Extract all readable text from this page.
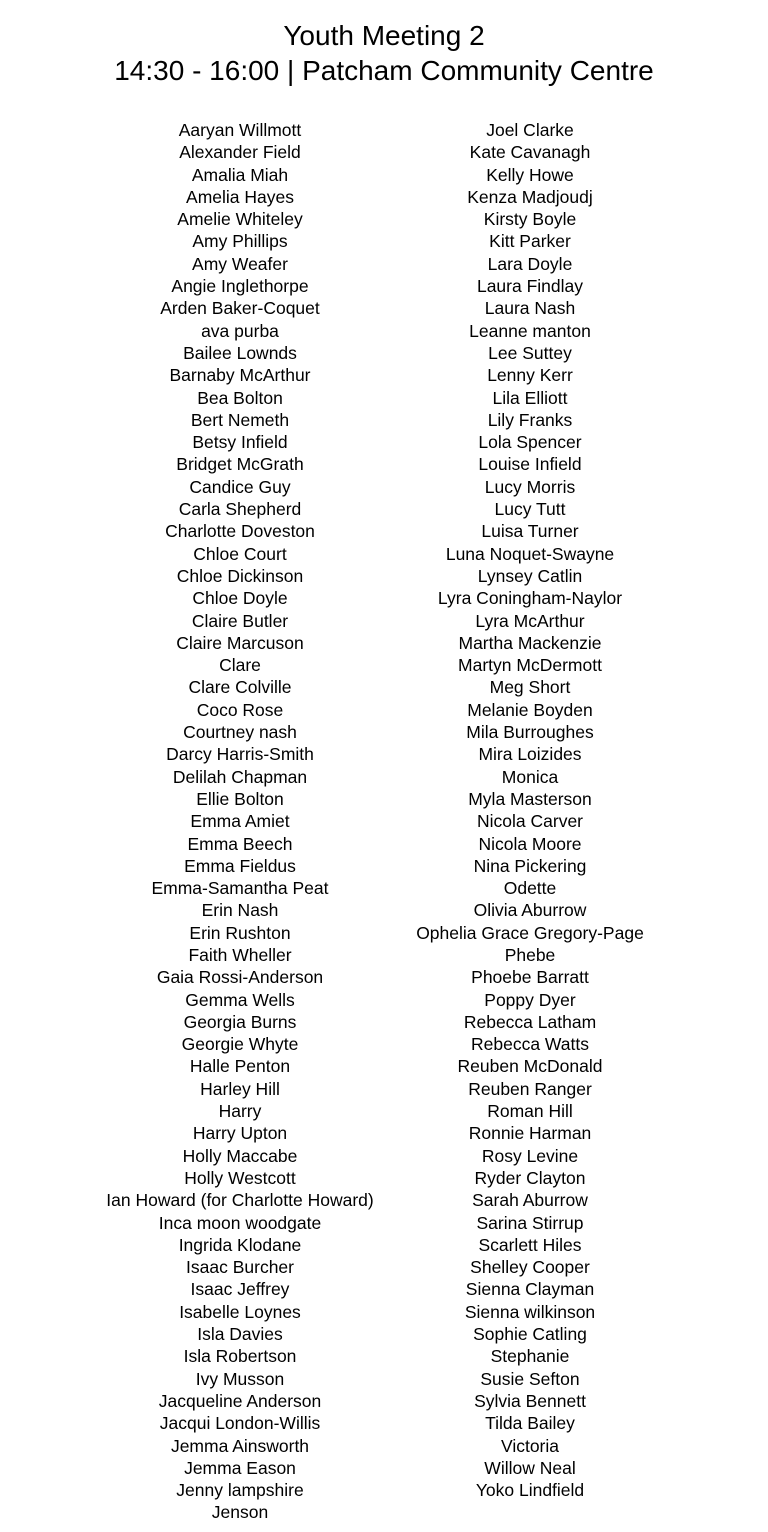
Youth Meeting 2
14:30 - 16:00 | Patcham Community Centre
Aaryan Willmott
Alexander Field
Amalia Miah
Amelia Hayes
Amelie Whiteley
Amy Phillips
Amy Weafer
Angie Inglethorpe
Arden Baker-Coquet
ava purba
Bailee Lownds
Barnaby McArthur
Bea Bolton
Bert Nemeth
Betsy Infield
Bridget McGrath
Candice Guy
Carla Shepherd
Charlotte Doveston
Chloe Court
Chloe Dickinson
Chloe Doyle
Claire Butler
Claire Marcuson
Clare
Clare Colville
Coco Rose
Courtney nash
Darcy Harris-Smith
Delilah Chapman
Ellie Bolton
Emma Amiet
Emma Beech
Emma Fieldus
Emma-Samantha Peat
Erin Nash
Erin Rushton
Faith Wheller
Gaia Rossi-Anderson
Gemma Wells
Georgia Burns
Georgie Whyte
Halle Penton
Harley Hill
Harry
Harry Upton
Holly Maccabe
Holly Westcott
Ian Howard (for Charlotte Howard)
Inca moon woodgate
Ingrida Klodane
Isaac Burcher
Isaac Jeffrey
Isabelle Loynes
Isla Davies
Isla Robertson
Ivy Musson
Jacqueline Anderson
Jacqui London-Willis
Jemma Ainsworth
Jemma Eason
Jenny lampshire
Jenson
Joel Clarke
Kate Cavanagh
Kelly Howe
Kenza Madjoudj
Kirsty Boyle
Kitt Parker
Lara Doyle
Laura Findlay
Laura Nash
Leanne manton
Lee Suttey
Lenny Kerr
Lila Elliott
Lily Franks
Lola Spencer
Louise Infield
Lucy Morris
Lucy Tutt
Luisa Turner
Luna Noquet-Swayne
Lynsey Catlin
Lyra Coningham-Naylor
Lyra McArthur
Martha Mackenzie
Martyn McDermott
Meg Short
Melanie Boyden
Mila Burroughes
Mira Loizides
Monica
Myla Masterson
Nicola Carver
Nicola Moore
Nina Pickering
Odette
Olivia Aburrow
Ophelia Grace Gregory-Page
Phebe
Phoebe Barratt
Poppy Dyer
Rebecca Latham
Rebecca Watts
Reuben McDonald
Reuben Ranger
Roman Hill
Ronnie Harman
Rosy Levine
Ryder Clayton
Sarah Aburrow
Sarina Stirrup
Scarlett Hiles
Shelley Cooper
Sienna Clayman
Sienna wilkinson
Sophie Catling
Stephanie
Susie Sefton
Sylvia Bennett
Tilda Bailey
Victoria
Willow Neal
Yoko Lindfield
